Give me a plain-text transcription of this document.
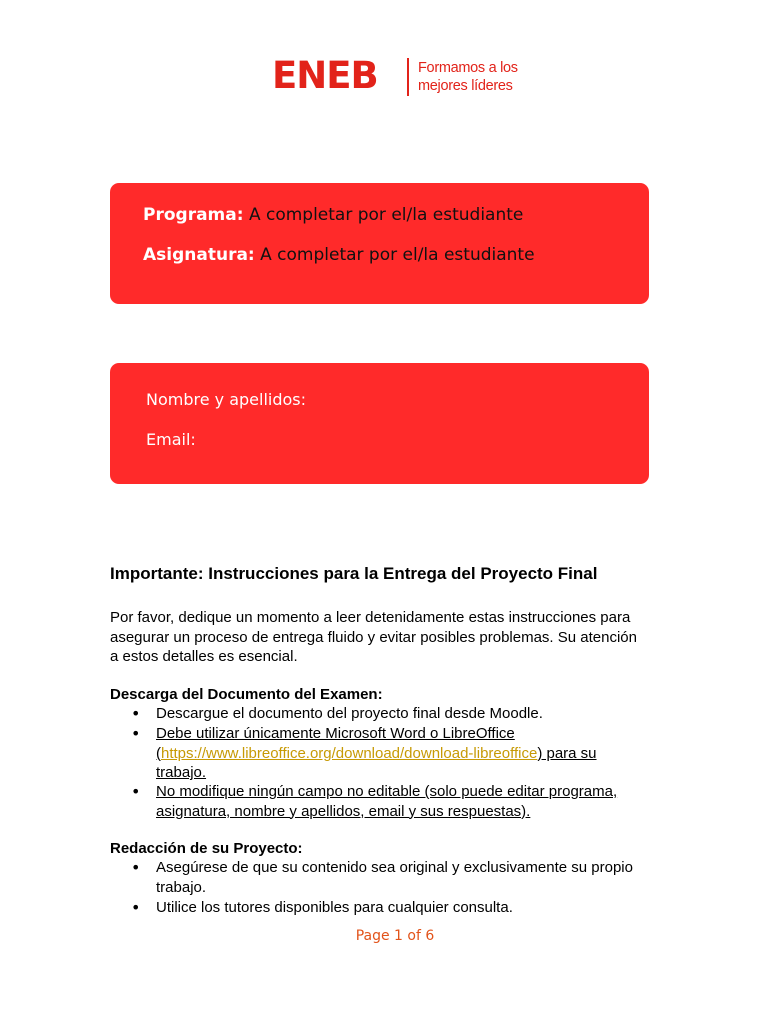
ENEB	Formamos a los
mejores líderes
Programa: A completar por el/la estudiante
Asignatura: A completar por el/la estudiante
Nombre y apellidos:
Email:
Importante: Instrucciones para la Entrega del Proyecto Final
Por favor, dedique un momento a leer detenidamente estas instrucciones para
asegurar un proceso de entrega fluido y evitar posibles problemas. Su atención
a estos detalles es esencial.
Descarga del Documento del Examen:
• Descargue el documento del proyecto final desde Moodle.
• Debe utilizar únicamente Microsoft Word o LibreOffice
(https://www.libreoffice.org/download/download-libreoffice) para su
trabajo.
• No modifique ningún campo no editable (solo puede editar programa,
asignatura, nombre y apellidos, email y sus respuestas).
Redacción de su Proyecto:
• Asegúrese de que su contenido sea original y exclusivamente su propio
trabajo.
• Utilice los tutores disponibles para cualquier consulta.
Page 1 of 6
